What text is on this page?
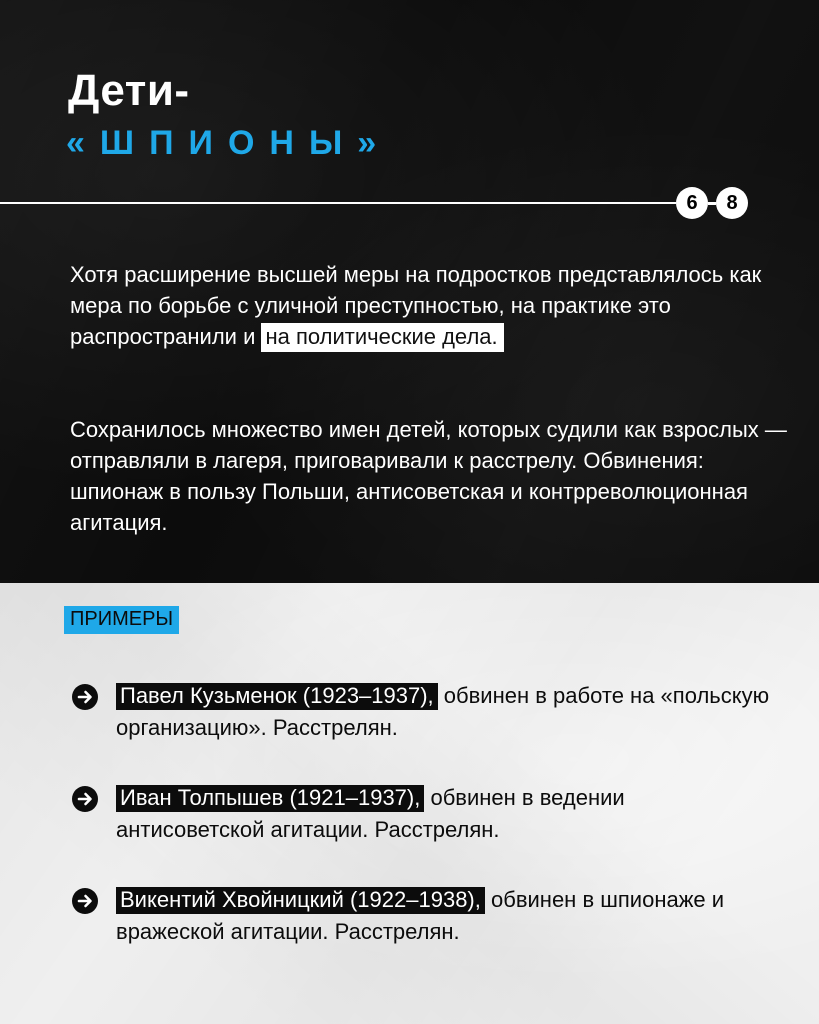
Дети-
«ШПИОНЫ»
6	8
Хотя расширение высшей меры на подростков представлялось как мера по борьбе с уличной преступностью, на практике это распространили и на политические дела.
Сохранилось множество имен детей, которых судили как взрослых — отправляли в лагеря, приговаривали к расстрелу. Обвинения: шпионаж в пользу Польши, антисоветская и контрреволюционная агитация.
ПРИМЕРЫ
Павел Кузьменок (1923–1937), обвинен в работе на «польскую организацию». Расстрелян.
Иван Толпышев (1921–1937), обвинен в ведении антисоветской агитации. Расстрелян.
Викентий Хвойницкий (1922–1938), обвинен в шпионаже и вражеской агитации. Расстрелян.
